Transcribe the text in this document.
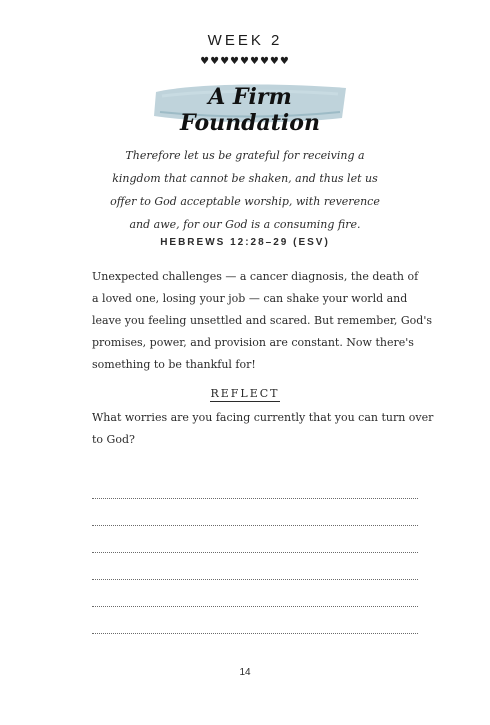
WEEK 2
♥♥♥♥♥♥♥♥♥
A Firm Foundation
Therefore let us be grateful for receiving a
kingdom that cannot be shaken, and thus let us
offer to God acceptable worship, with reverence
and awe, for our God is a consuming fire.
HEBREWS 12:28–29 (ESV)
Unexpected challenges — a cancer diagnosis, the death of
a loved one, losing your job — can shake your world and
leave you feeling unsettled and scared. But remember, God's
promises, power, and provision are constant. Now there's
something to be thankful for!
REFLECT
What worries are you facing currently that you can turn over
to God?
14
